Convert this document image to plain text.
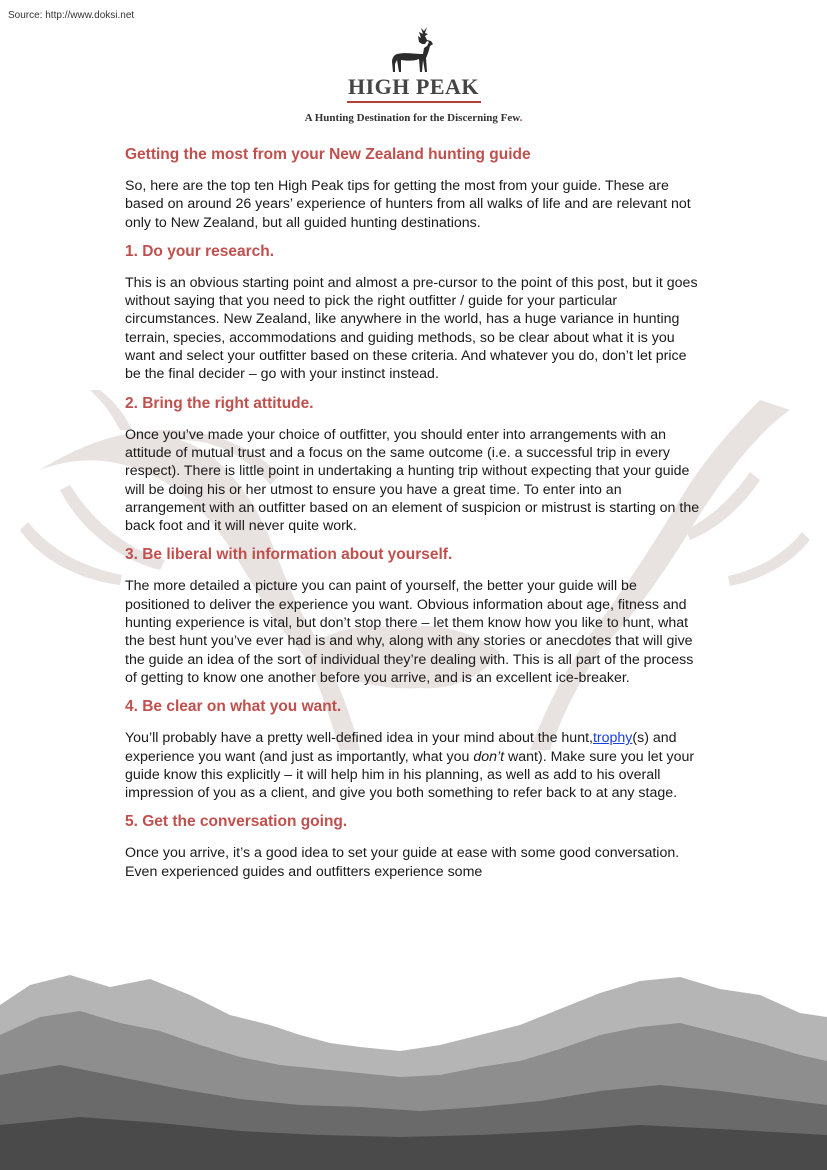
Source: http://www.doksi.net
HIGH PEAK
A Hunting Destination for the Discerning Few.
Getting the most from your New Zealand hunting guide

So, here are the top ten High Peak tips for getting the most from your guide. These are based on around 26 years’ experience of hunters from all walks of life and are relevant not only to New Zealand, but all guided hunting destinations.

1. Do your research.

This is an obvious starting point and almost a pre-cursor to the point of this post, but it goes without saying that you need to pick the right outfitter / guide for your particular circumstances. New Zealand, like anywhere in the world, has a huge variance in hunting terrain, species, accommodations and guiding methods, so be clear about what it is you want and select your outfitter based on these criteria. And whatever you do, don’t let price be the final decider – go with your instinct instead.

2. Bring the right attitude.

Once you’ve made your choice of outfitter, you should enter into arrangements with an attitude of mutual trust and a focus on the same outcome (i.e. a successful trip in every respect). There is little point in undertaking a hunting trip without expecting that your guide will be doing his or her utmost to ensure you have a great time. To enter into an arrangement with an outfitter based on an element of suspicion or mistrust is starting on the back foot and it will never quite work.

3. Be liberal with information about yourself.

The more detailed a picture you can paint of yourself, the better your guide will be positioned to deliver the experience you want. Obvious information about age, fitness and hunting experience is vital, but don’t stop there – let them know how you like to hunt, what the best hunt you’ve ever had is and why, along with any stories or anecdotes that will give the guide an idea of the sort of individual they’re dealing with. This is all part of the process of getting to know one another before you arrive, and is an excellent ice-breaker.

4. Be clear on what you want.

You’ll probably have a pretty well-defined idea in your mind about the hunt,trophy(s) and experience you want (and just as importantly, what you don’t want). Make sure you let your guide know this explicitly – it will help him in his planning, as well as add to his overall impression of you as a client, and give you both something to refer back to at any stage.

5. Get the conversation going.

Once you arrive, it’s a good idea to set your guide at ease with some good conversation. Even experienced guides and outfitters experience some
